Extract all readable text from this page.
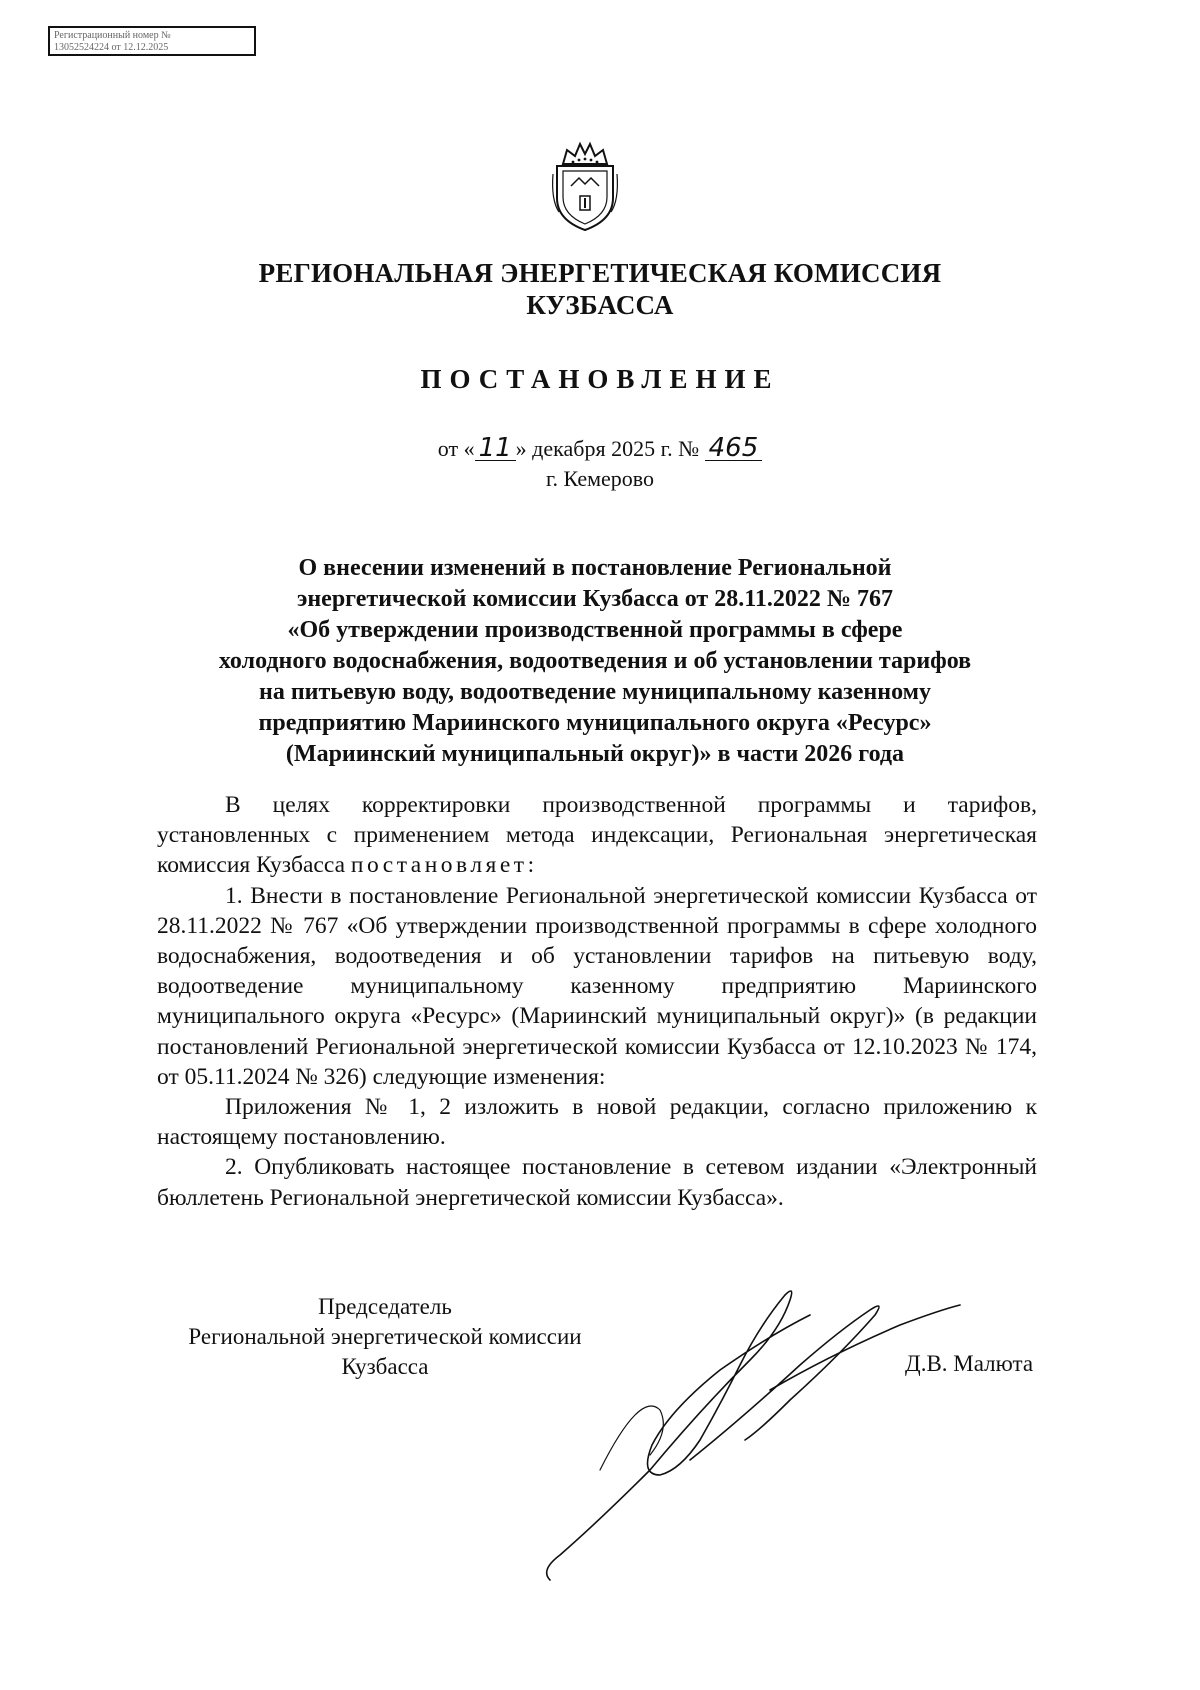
Регистрационный номер №
13052524224 от 12.12.2025
РЕГИОНАЛЬНАЯ ЭНЕРГЕТИЧЕСКАЯ КОМИССИЯ
КУЗБАССА
ПОСТАНОВЛЕНИЕ
от « 11 » декабря 2025 г. № 465
г. Кемерово
О внесении изменений в постановление Региональной
энергетической комиссии Кузбасса от 28.11.2022 № 767
«Об утверждении производственной программы в сфере
холодного водоснабжения, водоотведения и об установлении тарифов
на питьевую воду, водоотведение муниципальному казенному
предприятию Мариинского муниципального округа «Ресурс»
(Мариинский муниципальный округ)» в части 2026 года

В целях корректировки производственной программы и тарифов, установленных с применением метода индексации, Региональная энергетическая комиссия Кузбасса постановляет:

1. Внести в постановление Региональной энергетической комиссии Кузбасса от 28.11.2022 № 767 «Об утверждении производственной программы в сфере холодного водоснабжения, водоотведения и об установлении тарифов на питьевую воду, водоотведение муниципальному казенному предприятию Мариинского муниципального округа «Ресурс» (Мариинский муниципальный округ)» (в редакции постановлений Региональной энергетической комиссии Кузбасса от 12.10.2023 № 174, от 05.11.2024 № 326) следующие изменения:

Приложения № 1, 2 изложить в новой редакции, согласно приложению к настоящему постановлению.

2. Опубликовать настоящее постановление в сетевом издании «Электронный бюллетень Региональной энергетической комиссии Кузбасса».

Председатель
Региональной энергетической комиссии
Кузбасса	Д.В. Малюта
